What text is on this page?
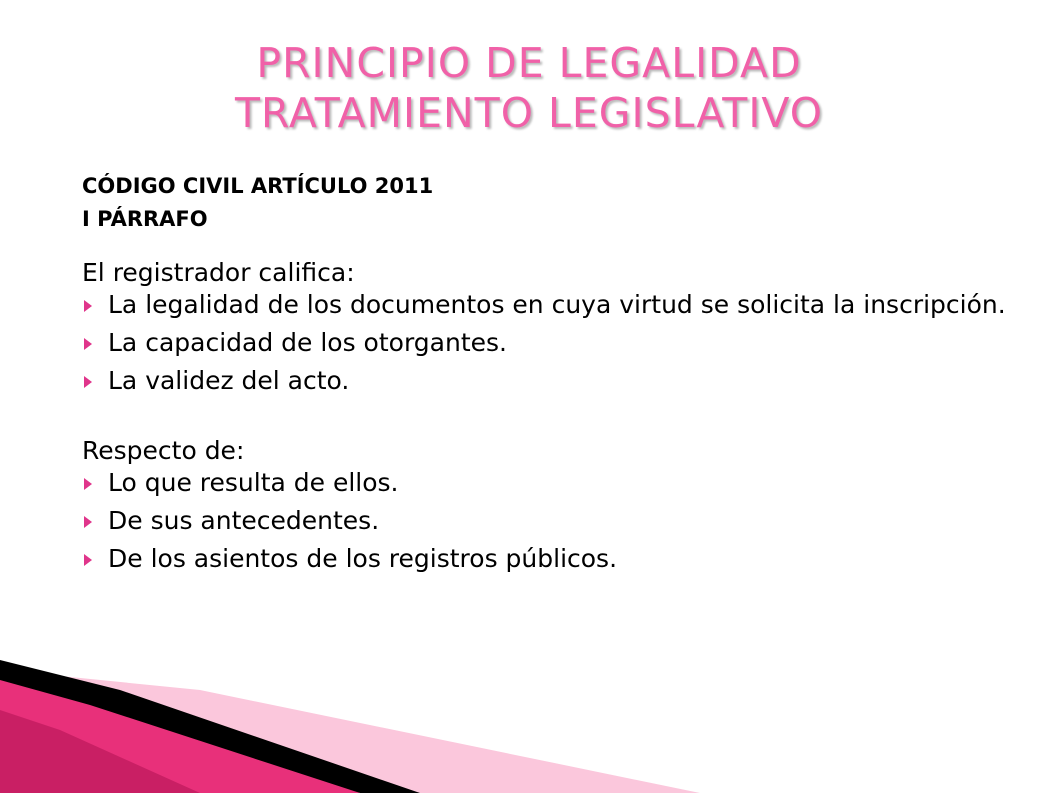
PRINCIPIO DE LEGALIDAD
TRATAMIENTO LEGISLATIVO

CÓDIGO CIVIL ARTÍCULO 2011

I PÁRRAFO

El registrador califica:

La legalidad de los documentos en cuya virtud se solicita la inscripción.
La capacidad de los otorgantes.
La validez del acto.

Respecto de:

Lo que resulta de ellos.
De sus antecedentes.
De los asientos de los registros públicos.
